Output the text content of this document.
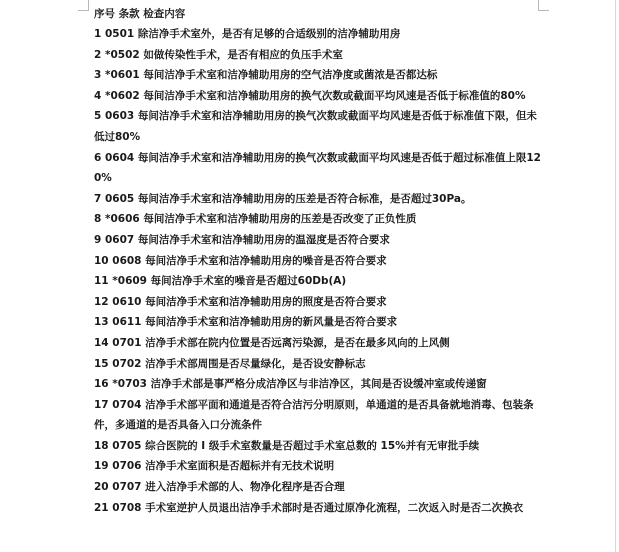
序号 条款 检查内容
1 0501 除洁净手术室外，是否有足够的合适级别的洁净辅助用房
2 *0502 如做传染性手术，是否有相应的负压手术室
3 *0601 每间洁净手术室和洁净辅助用房的空气洁净度或菌浓是否都达标
4 *0602 每间洁净手术室和洁净辅助用房的换气次数或截面平均风速是否低于标准值的80%
5 0603 每间洁净手术室和洁净辅助用房的换气次数或截面平均风速是否低于标准值下限，但未低过80%
6 0604 每间洁净手术室和洁净辅助用房的换气次数或截面平均风速是否低于超过标准值上限120%
7 0605 每间洁净手术室和洁净辅助用房的压差是否符合标准，是否超过30Pa。
8 *0606 每间洁净手术室和洁净辅助用房的压差是否改变了正负性质
9 0607 每间洁净手术室和洁净辅助用房的温湿度是否符合要求
10 0608 每间洁净手术室和洁净辅助用房的噪音是否符合要求
11 *0609 每间洁净手术室的噪音是否超过60Db(A)
12 0610 每间洁净手术室和洁净辅助用房的照度是否符合要求
13 0611 每间洁净手术室和洁净辅助用房的新风量是否符合要求
14 0701 洁净手术部在院内位置是否远离污染源，是否在最多风向的上风侧
15 0702 洁净手术部周围是否尽量绿化，是否设安静标志
16 *0703 洁净手术部是事严格分成洁净区与非洁净区，其间是否设缓冲室或传递窗
17 0704 洁净手术部平面和通道是否符合洁污分明原则，单通道的是否具备就地消毒、包装条件，多通道的是否具备入口分流条件
18 0705 综合医院的 I 级手术室数量是否超过手术室总数的 15%并有无审批手续
19 0706 洁净手术室面积是否超标并有无技术说明
20 0707 进入洁净手术部的人、物净化程序是否合理
21 0708 手术室逆护人员退出洁净手术部时是否通过原净化流程，二次返入时是否二次换衣
